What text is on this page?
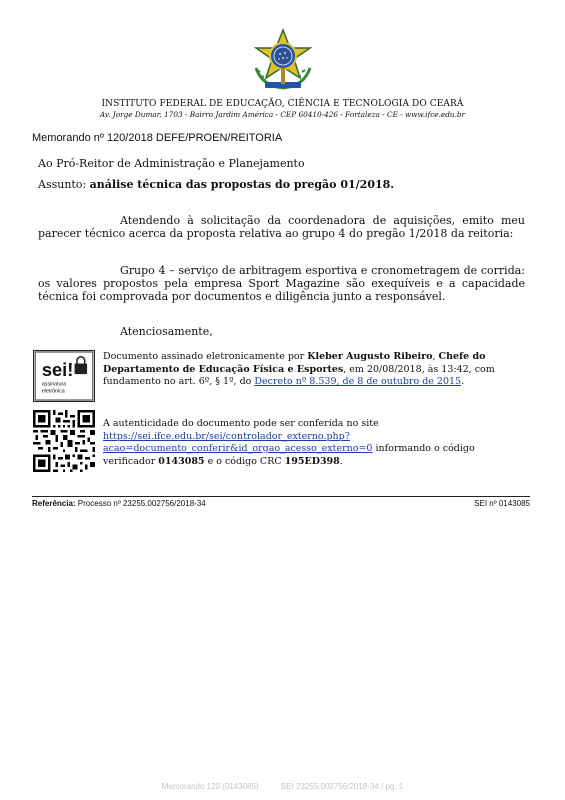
INSTITUTO FEDERAL DE EDUCAÇÃO, CIÊNCIA E TECNOLOGIA DO CEARÁ
Av. Jorge Dumar, 1703 - Bairro Jardim América - CEP 60410-426 - Fortaleza - CE - www.ifce.edu.br
Memorando nº 120/2018 DEFE/PROEN/REITORIA
Ao Pró-Reitor de Administração e Planejamento
Assunto: análise técnica das propostas do pregão 01/2018.
Atendendo à solicitação da coordenadora de aquisições, emito meu parecer técnico acerca da proposta relativa ao grupo 4 do pregão 1/2018 da reitoria:
Grupo 4 – serviço de arbitragem esportiva e cronometragem de corrida: os valores propostos pela empresa Sport Magazine são exequíveis e a capacidade técnica foi comprovada por documentos e diligência junto a responsável.
Atenciosamente,
sei!
assinatura
eletrônica
Documento assinado eletronicamente por Kleber Augusto Ribeiro, Chefe do Departamento de Educação Física e Esportes, em 20/08/2018, às 13:42, com fundamento no art. 6º, § 1º, do Decreto nº 8.539, de 8 de outubro de 2015.
A autenticidade do documento pode ser conferida no site https://sei.ifce.edu.br/sei/controlador_externo.php?acao=documento_conferir&id_orgao_acesso_externo=0 informando o código verificador 0143085 e o código CRC 195ED398.
Referência: Processo nº 23255.002756/2018-34	SEI nº 0143085
Memorando 120 (0143085)          SEI 23255.002756/2018-34 / pg. 1
